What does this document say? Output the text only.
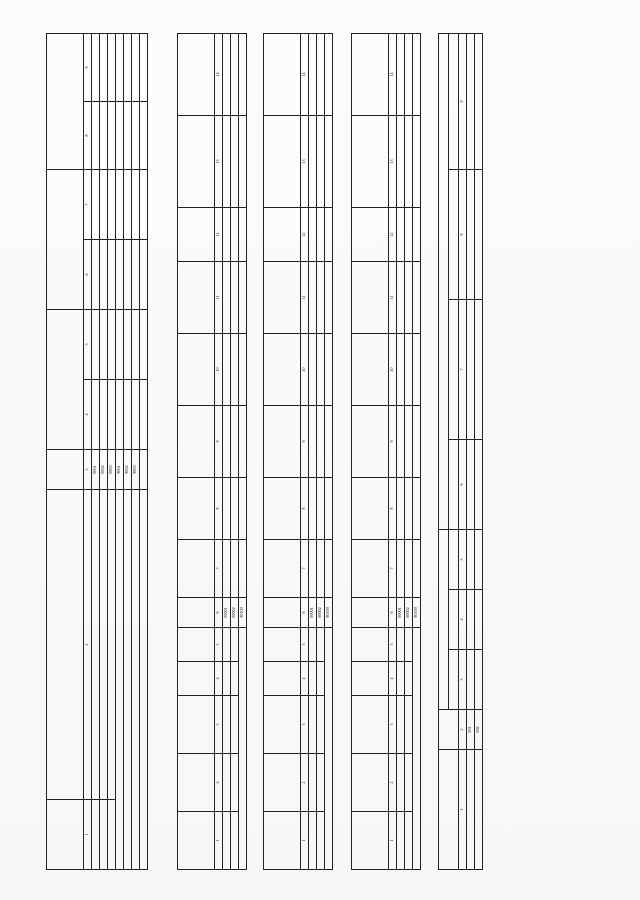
1	2	3	4	5	6	7	8	9
		0001						
		0002						
		0003						
		9001						
		9002						
		9003						

1	2	3	4	5	6	7	8	9	10	11	12	13	14
					00001								
					00002								
					90100								

1	2	3	4	5	6	7	8	9	10	11	12	13	14
					00001								
					00002								
					90100								

1	2	3	4	5	6	7	8	9	10	11	12	13	14
					00001								
					00002								
					90100								

1	2	3	4	5	6	7	8	9
	001							
	002							
